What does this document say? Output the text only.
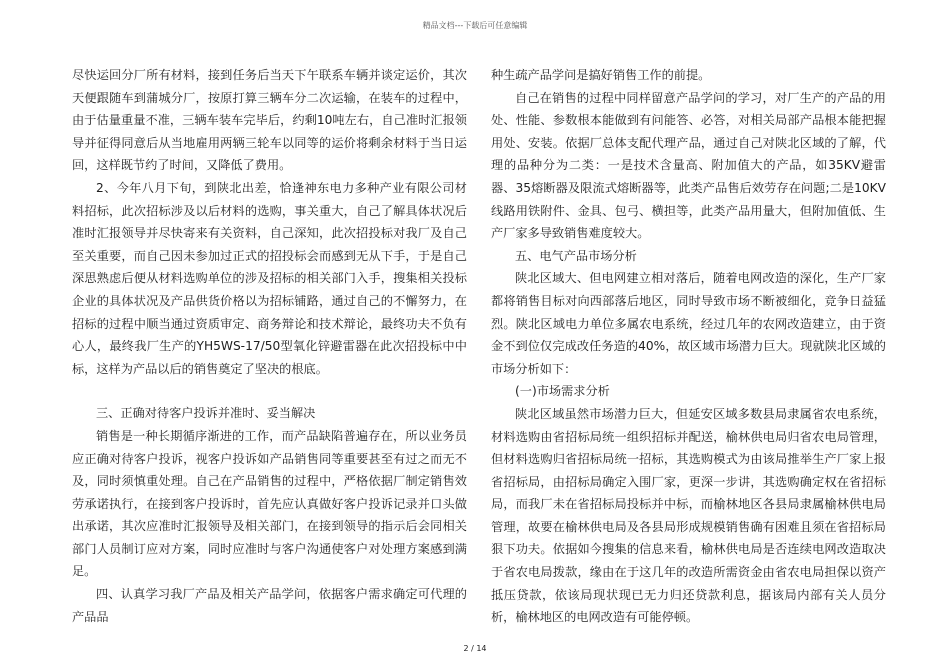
精品文档---下载后可任意编辑

尽快运回分厂所有材料，接到任务后当天下午联系车辆并谈定运价，其次天便跟随车到蒲城分厂，按原打算三辆车分二次运输，在装车的过程中，由于估量重量不准，三辆车装车完毕后，约剩10吨左右，自己准时汇报领导并征得同意后从当地雇用两辆三轮车以同等的运价将剩余材料于当日运回，这样既节约了时间，又降低了费用。

2、今年八月下旬，到陕北出差，恰逢神东电力多种产业有限公司材料招标，此次招标涉及以后材料的选购，事关重大，自己了解具体状况后准时汇报领导并尽快寄来有关资料，自己深知，此次招投标对我厂及自己至关重要，而自己因未参加过正式的招投标会而感到无从下手，于是自己深思熟虑后便从材料选购单位的涉及招标的相关部门入手，搜集相关投标企业的具体状况及产品供货价格以为招标铺路，通过自己的不懈努力，在招标的过程中顺当通过资质审定、商务辩论和技术辩论，最终功夫不负有心人，最终我厂生产的YH5WS-17/50型氧化锌避雷器在此次招投标中中标，这样为产品以后的销售奠定了坚决的根底。

三、正确对待客户投诉并准时、妥当解决

销售是一种长期循序渐进的工作，而产品缺陷普遍存在，所以业务员应正确对待客户投诉，视客户投诉如产品销售同等重要甚至有过之而无不及，同时须慎重处理。自己在产品销售的过程中，严格依据厂制定销售效劳承诺执行，在接到客户投诉时，首先应认真做好客户投诉记录并口头做出承诺，其次应准时汇报领导及相关部门，在接到领导的指示后会同相关部门人员制订应对方案，同时应准时与客户沟通使客户对处理方案感到满足。

四、认真学习我厂产品及相关产品学问，依据客户需求确定可代理的产品品

种生疏产品学问是搞好销售工作的前提。

自己在销售的过程中同样留意产品学问的学习，对厂生产的产品的用处、性能、参数根本能做到有问能答、必答，对相关局部产品根本能把握用处、安装。依据厂总体支配代理产品，通过自己对陕北区域的了解，代理的品种分为二类：一是技术含量高、附加值大的产品，如35KV避雷器、35熔断器及限流式熔断器等，此类产品售后效劳存在问题;二是10KV线路用铁附件、金具、包弓、横担等，此类产品用量大，但附加值低、生产厂家多导致销售难度较大。

五、电气产品市场分析

陕北区域大、但电网建立相对落后，随着电网改造的深化，生产厂家都将销售目标对向西部落后地区，同时导致市场不断被细化，竞争日益猛烈。陕北区域电力单位多属农电系统，经过几年的农网改造建立，由于资金不到位仅完成改任务造的40%，故区域市场潜力巨大。现就陕北区域的市场分析如下：

(一)市场需求分析

陕北区域虽然市场潜力巨大，但延安区域多数县局隶属省农电系统，材料选购由省招标局统一组织招标并配送，榆林供电局归省农电局管理，但材料选购归省招标局统一招标，其选购模式为由该局推举生产厂家上报省招标局，由招标局确定入围厂家，更深一步讲，其选购确定权在省招标局，而我厂未在省招标局投标并中标，而榆林地区各县局隶属榆林供电局管理，故要在榆林供电局及各县局形成规模销售确有困难且须在省招标局狠下功夫。依据如今搜集的信息来看，榆林供电局是否连续电网改造取决于省农电局拨款，缘由在于这几年的改造所需资金由省农电局担保以资产抵压贷款，依该局现状现已无力归还贷款利息，据该局内部有关人员分析，榆林地区的电网改造有可能停顿。

2 / 14
